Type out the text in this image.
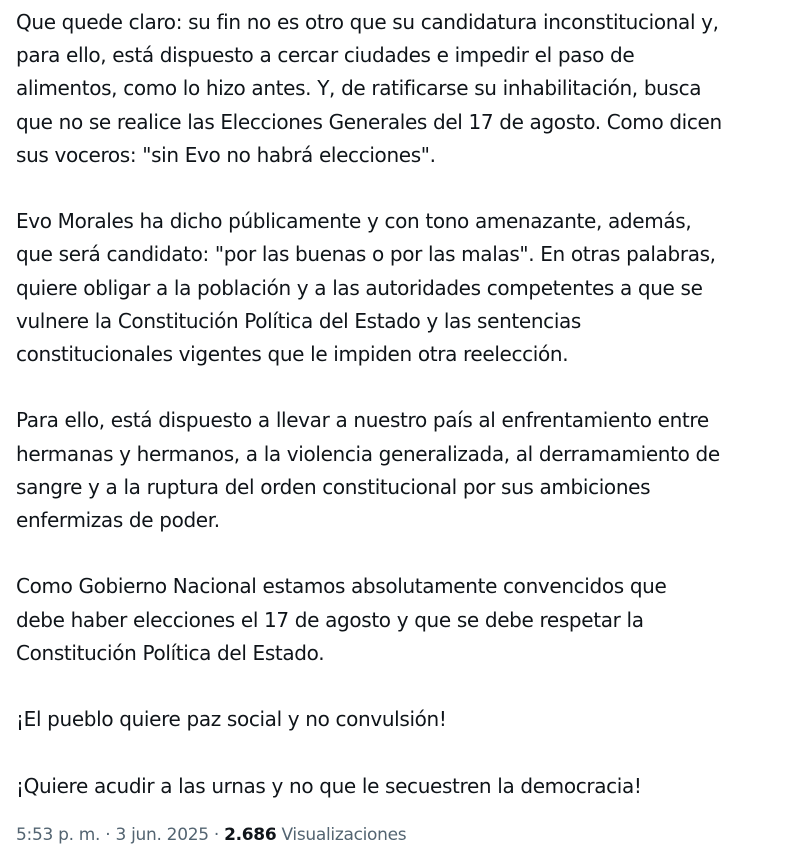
Que quede claro: su fin no es otro que su candidatura inconstitucional y,
para ello, está dispuesto a cercar ciudades e impedir el paso de
alimentos, como lo hizo antes. Y, de ratificarse su inhabilitación, busca
que no se realice las Elecciones Generales del 17 de agosto. Como dicen
sus voceros: "sin Evo no habrá elecciones".

Evo Morales ha dicho públicamente y con tono amenazante, además,
que será candidato: "por las buenas o por las malas". En otras palabras,
quiere obligar a la población y a las autoridades competentes a que se
vulnere la Constitución Política del Estado y las sentencias
constitucionales vigentes que le impiden otra reelección.

Para ello, está dispuesto a llevar a nuestro país al enfrentamiento entre
hermanas y hermanos, a la violencia generalizada, al derramamiento de
sangre y a la ruptura del orden constitucional por sus ambiciones
enfermizas de poder.

Como Gobierno Nacional estamos absolutamente convencidos que
debe haber elecciones el 17 de agosto y que se debe respetar la
Constitución Política del Estado.

¡El pueblo quiere paz social y no convulsión!

¡Quiere acudir a las urnas y no que le secuestren la democracia!

5:53 p. m. · 3 jun. 2025 · 2.686 Visualizaciones
